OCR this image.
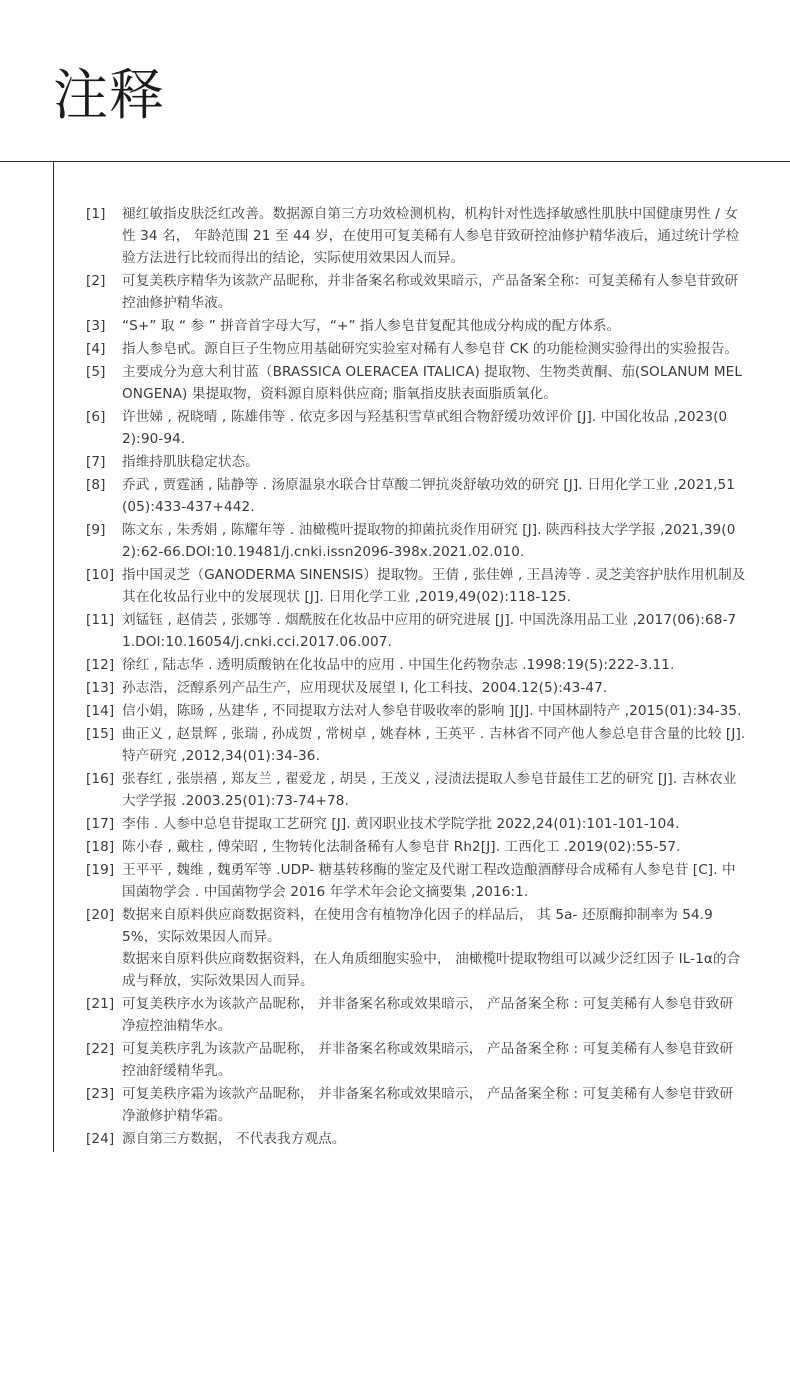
注释
[1]	褪红敏指皮肤泛红改善。数据源自第三方功效检测机构，机构针对性选择敏感性肌肤中国健康男性 / 女性 34 名， 年龄范围 21 至 44 岁，在使用可复美稀有人参皂苷致研控油修护精华液后，通过统计学检验方法进行比较而得出的结论，实际使用效果因人而异。
[2]	可复美秩序精华为该款产品昵称，并非备案名称或效果暗示，产品备案全称：可复美稀有人参皂苷致研控油修护精华液。
[3]	“S+” 取 “ 参 ” 拼音首字母大写，“+” 指人参皂苷复配其他成分构成的配方体系。
[4]	指人参皂甙。源自巨子生物应用基础研究实验室对稀有人参皂苷 CK 的功能检测实验得出的实验报告。
[5]	主要成分为意大利甘蓝（BRASSICA OLERACEA ITALICA) 提取物、生物类黄酮、茄(SOLANUM MELONGENA) 果提取物，资料源自原料供应商; 脂氧指皮肤表面脂质氧化。
[6]	许世娣 , 祝晓晴 , 陈雄伟等 . 依克多因与羟基积雪草甙组合物舒缓功效评价 [J]. 中国化妆品 ,2023(02):90-94.
[7]	指维持肌肤稳定状态。
[8]	乔武 , 贾霆涵 , 陆静等 . 汤原温泉水联合甘草酸二钾抗炎舒敏功效的研究 [J]. 日用化学工业 ,2021,51(05):433-437+442.
[9]	陈文东 , 朱秀娟 , 陈耀年等 . 油橄榄叶提取物的抑菌抗炎作用研究 [J]. 陕西科技大学学报 ,2021,39(02):62-66.DOI:10.19481/j.cnki.issn2096-398x.2021.02.010.
[10] 指中国灵芝（GANODERMA SINENSIS）提取物。王倩 , 张佳婵 , 王昌涛等 . 灵芝美容护肤作用机制及其在化妆品行业中的发展现状 [J]. 日用化学工业 ,2019,49(02):118-125.
[11] 刘锰钰 , 赵倩芸 , 张娜等 . 烟酰胺在化妆品中应用的研究进展 [J]. 中国洗涤用品工业 ,2017(06):68-71.DOI:10.16054/j.cnki.cci.2017.06.007.
[12] 徐红 , 陆志华 . 透明质酸钠在化妆品中的应用 . 中国生化药物杂志 .1998:19(5):222-3.11.
[13] 孙志浩，泛醇系列产品生产，应用现状及展望 I, 化工科技、2004.12(5):43-47.
[14] 信小娟，陈旸 , 丛建华 , 不同提取方法对人参皂苷吸收率的影响 ][J]. 中国林副特产 ,2015(01):34-35.
[15] 曲正义 , 赵景辉 , 张瑞 , 孙成贺 , 常树卓 , 姚春林 , 王英平 . 吉林省不同产他人参总皂苷含量的比较 [J]. 特产研究 ,2012,34(01):34-36.
[16] 张春红 , 张崇禧 , 郑友兰 , 翟爱龙 , 胡昊 , 王茂义 , 浸渍法提取人参皂苷最佳工艺的研究 [J]. 吉林农业大学学报 .2003.25(01):73-74+78.
[17] 李伟 . 人参中总皂苷提取工艺研究 [J]. 黄冈职业技术学院学批 2022,24(01):101-101-104.
[18] 陈小春 , 戴柱 , 傅荣昭 , 生物转化法制备稀有人参皂苷 Rh2[J]. 工西化工 .2019(02):55-57.
[19] 王平平 , 魏维 , 魏勇军等 .UDP- 糖基转移酶的鉴定及代谢工程改造酿酒酵母合成稀有人参皂苷 [C]. 中国菌物学会 . 中国菌物学会 2016 年学术年会论文摘要集 ,2016:1.
[20] 数据来自原料供应商数据资料，在使用含有植物净化因子的样品后， 其 5a- 还原酶抑制率为 54.95%，实际效果因人而异。
数据来自原料供应商数据资料，在人角质细胞实验中， 油橄榄叶提取物组可以减少泛红因子 IL-1α的合成与释放，实际效果因人而异。
[21] 可复美秩序水为该款产品昵称， 并非备案名称或效果暗示， 产品备案全称 : 可复美稀有人参皂苷致研净痘控油精华水。
[22] 可复美秩序乳为该款产品昵称， 并非备案名称或效果暗示， 产品备案全称 : 可复美稀有人参皂苷致研控油舒缓精华乳。
[23] 可复美秩序霜为该款产品昵称， 并非备案名称或效果暗示， 产品备案全称 : 可复美稀有人参皂苷致研净澈修护精华霜。
[24] 源自第三方数据， 不代表我方观点。
